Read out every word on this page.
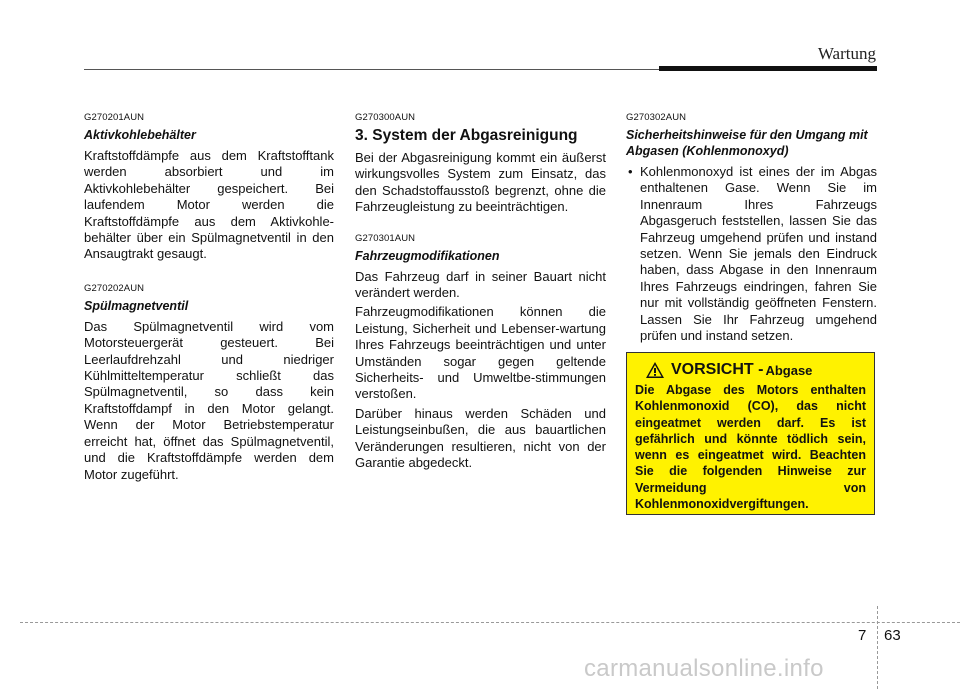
Wartung
G270201AUN
Aktivkohlebehälter

Kraftstoffdämpfe aus dem Kraftstofftank werden absorbiert und im Aktivkohlebehälter gespeichert. Bei laufendem Motor werden die Kraftstoffdämpfe aus dem Aktivkohle-behälter über ein Spülmagnetventil in den Ansaugtrakt gesaugt.

G270202AUN
Spülmagnetventil

Das Spülmagnetventil wird vom Motorsteuergerät gesteuert. Bei Leerlaufdrehzahl und niedriger Kühlmitteltemperatur schließt das Spülmagnetventil, so dass kein Kraftstoffdampf in den Motor gelangt. Wenn der Motor Betriebstemperatur erreicht hat, öffnet das Spülmagnetventil, und die Kraftstoffdämpfe werden dem Motor zugeführt.

G270300AUN
3. System der Abgasreinigung

Bei der Abgasreinigung kommt ein äußerst wirkungsvolles System zum Einsatz, das den Schadstoffausstoß begrenzt, ohne die Fahrzeugleistung zu beeinträchtigen.

G270301AUN
Fahrzeugmodifikationen

Das Fahrzeug darf in seiner Bauart nicht verändert werden.

Fahrzeugmodifikationen können die Leistung, Sicherheit und Lebenser-wartung Ihres Fahrzeugs beeinträchtigen und unter Umständen sogar gegen geltende Sicherheits- und Umweltbe-stimmungen verstoßen.

Darüber hinaus werden Schäden und Leistungseinbußen, die aus bauartlichen Veränderungen resultieren, nicht von der Garantie abgedeckt.

G270302AUN
Sicherheitshinweise für den Umgang mit Abgasen (Kohlenmonoxyd)
• Kohlenmonoxyd ist eines der im Abgas enthaltenen Gase. Wenn Sie im Innenraum Ihres Fahrzeugs Abgasgeruch feststellen, lassen Sie das Fahrzeug umgehend prüfen und instand setzen. Wenn Sie jemals den Eindruck haben, dass Abgase in den Innenraum Ihres Fahrzeugs eindringen, fahren Sie nur mit vollständig geöffneten Fenstern. Lassen Sie Ihr Fahrzeug umgehend prüfen und instand setzen.
VORSICHT - Abgase

Die Abgase des Motors enthalten Kohlenmonoxid (CO), das nicht eingeatmet werden darf. Es ist gefährlich und könnte tödlich sein, wenn es eingeatmet wird. Beachten Sie die folgenden Hinweise zur Vermeidung von Kohlenmonoxidvergiftungen.

7 63
carmanualsonline.info
